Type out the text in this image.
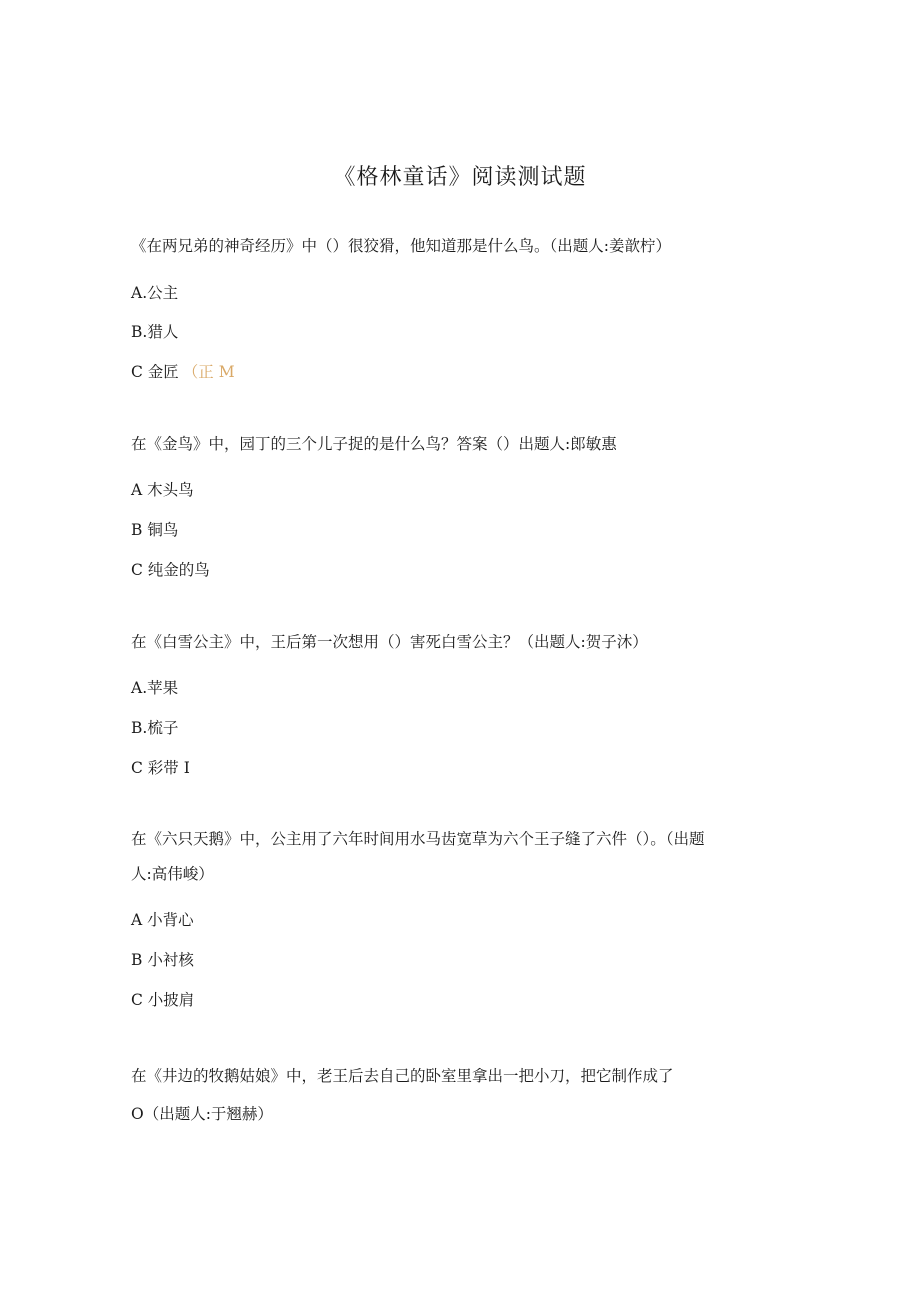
《格林童话》阅读测试题
《在两兄弟的神奇经历》中（）很狡猾，他知道那是什么鸟。（出题人:姜歆柠）
A.公主
B.猎人
C 金匠 （正 M
在《金鸟》中，园丁的三个儿子捉的是什么鸟？答案（）出题人:郎敏惠
A 木头鸟
B 铜鸟
C 纯金的鸟
在《白雪公主》中，王后第一次想用（）害死白雪公主？（出题人:贺子沐）
A.苹果
B.梳子
C 彩带 I
在《六只天鹅》中，公主用了六年时间用水马齿宽草为六个王子缝了六件（）。（出题
人:高伟峻）
A 小背心
B 小衬核
C 小披肩
在《井边的牧鹅姑娘》中，老王后去自己的卧室里拿出一把小刀，把它制作成了
O（出题人:于翘赫）
